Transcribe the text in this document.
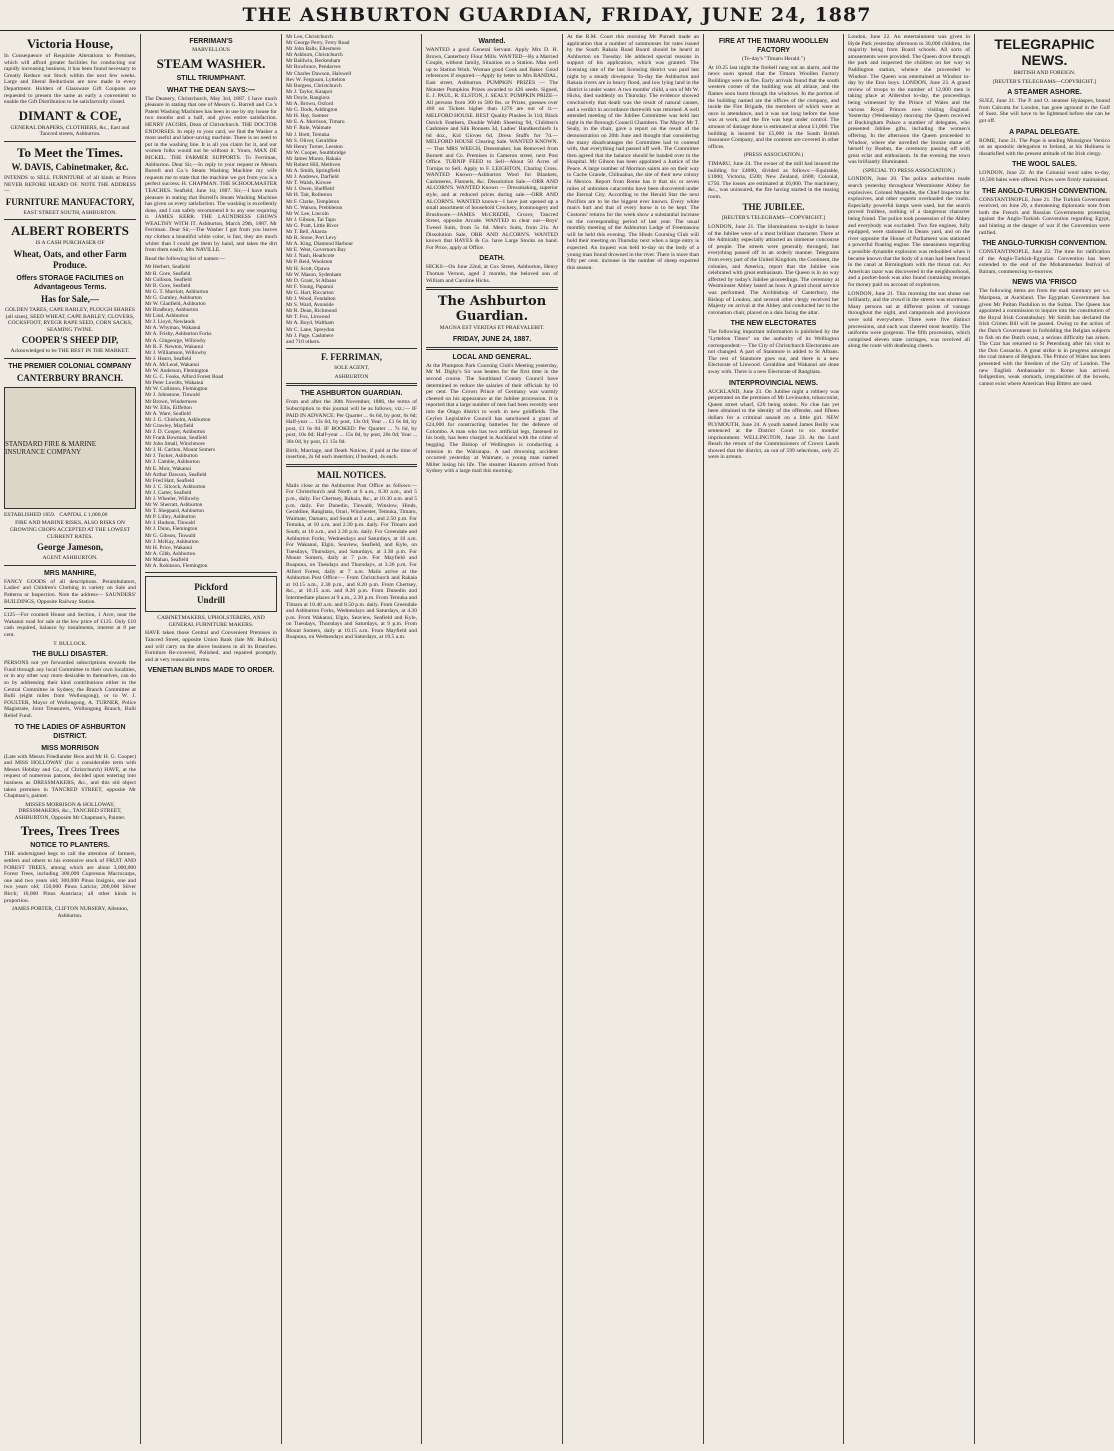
THE ASHBURTON GUARDIAN, FRIDAY, JUNE 24, 1887
Victoria House,

In Consequence of Requisite Alterations to Premises, which will afford greater facilities for conducting our rapidly increasing business, it has been found necessary to Greatly Reduce our Stock within the next few weeks. Large and liberal Reductions are now made in every Department. Holders of Glassware Gift Coupons are requested to present the same as early a convenient to enable the Gift Distribution to be satisfactorily closed.

DIMANT & COE,

GENERAL DRAPERS, CLOTHIERS, &c., East and Tancred streets, Ashburton.

To Meet the Times.
W. DAVIS, Cabinetmaker, &c.

INTENDS to SELL FURNITURE of all kinds at Prices NEVER BEFORE HEARD OF. NOTE THE ADDRESS —

FURNITURE MANUFACTORY,

EAST STREET SOUTH, ASHBURTON.

ALBERT ROBERTS

IS A CASH PURCHASER OF

Wheat, Oats, and other Farm Produce.
Offers STORAGE FACILITIES on Advantageous Terms.
Has for Sale,—

GOLDEN TARES, CAPE BARLEY, PLOUGH SHARES (all sizes), SEED WHEAT, CAPE BARLEY, CLOVERS, COCKSFOOT, RYEGR RAPE SEED, CORN SACKS, SEAMING TWINE.

COOPER'S SHEEP DIP,

Acknowledged to be THE BEST IN THE MARKET.

THE PREMIER COLONIAL COMPANY
CANTERBURY BRANCH.
STANDARD FIRE & MARINE INSURANCE COMPANY

ESTABLISHED 1859. CAPITAL £ 1,000,00

FIRE AND MARINE RISKS, ALSO RISKS ON GROWING CROPS ACCEPTED AT THE LOWEST CURRENT RATES.

George Jameson,

AGENT ASHBURTON.

MRS MANHIRE,

FANCY GOODS of all descriptions. Perambulators, Ladies' and Children's Clothing in variety on Sale and Patterns or Inspection. Note the address— SAUNDERS' BUILDINGS, Opposite Railway Station.

£125—For counted House and Section, 1 Acre, near the Wakanui road for sale at the low price of £125. Only £10 cash required, balance by instalments, interest at 8 per cent.

T. BULLOCK.

THE BULLI DISASTER.

PERSONS not yet forwarded subscriptions towards the Fund through any local Committee to their own localities, or in any other way more desirable to themselves, can do so by addressing their kind contributions either to the Central Committee in Sydney, the Branch Committee at Bulli (eight miles from Wollongong), or to W. J. FOULTER, Mayor of Wollongong, A. TURNER, Police Magistrate, Joint Treasurers, Wollongong Branch, Bulli Relief Fund.

TO THE LADIES OF ASHBURTON DISTRICT.
MISS MORRISON

(Late with Messrs Friedlander Bros and Mr H. G. Cooper) and MISS HOLLOWAY (for a considerable term with Messrs Hobday and Co., of Christchurch) HAVE, at the request of numerous patrons, decided upon entering into business as DRESSMAKERS, &c., and this old object taken premises in TANCRED STREET, opposite Mr Chapman's, painter.

MISSES MORRISON & HOLLOWAY, DRESSMAKERS, &c., TANCRED STREET, ASHBURTON, Opposite Mr Chapman's, Painter.

Trees, Trees Trees
NOTICE TO PLANTERS.

THE undersigned begs to call the attention of farmers, settlers and others to his extensive stock of FRUIT AND FOREST TREES, among which are about 3,000,000 Forest Trees, including 300,000 Cupressus Macrocarpa, one and two years old; 300,000 Pinus Insignis, one and two years old; 150,000 Pinus Laricio; 200,000 Silver Birch; 10,000 Pinus Austriaca; all other kinds in proportion.

JAMES PORTER, CLIFTON NURSERY, Allenton, Ashburton.

FERRIMAN'S

MARVELLOUS

STEAM WASHER.
STILL TRIUMPHANT.
WHAT THE DEAN SAYS:—

The Deanery, Christchurch, May 3rd, 1887. I have much pleasure in stating that one of Messrs G. Burrell and Co.'s Patent Washing Machines has been in use by my house for two months and a half, and gives entire satisfaction. HENRY JACOBS, Dean of Christchurch. THE DOCTOR ENDORSES. In reply to your card, we find the Washer a most useful and labor-saving machine. There is no need to put in the washing line. It is all you claim for it, and our women folks would not be without it. Yours, MAX DE BICKEL. THE FARMER SUPPORTS. To Ferriman, Ashburton. Dear Sir,—In reply to your request re Messrs Burrell and Co.'s Steam Washing Machine my wife requests me to state that the machine we got from you is a perfect success. H. CHAPMAN. THE SCHOOLMASTER TEACHES. Seafield, June 1st, 1887. Sir,—I have much pleasure in stating that Burrell's Steam Washing Machine has given us every satisfaction. The washing is excellently done, and I can safely recommend it to any one requiring it. JAMES KERR. THE LAUNDRESS GROWS WEALTHY WITH IT. Ashburton, March 29th, 1887. Mr Ferriman. Dear Sir,—The Washer I got from you leaves my clothes a beautiful white color, is fast, they are much whiter than I could get them by hand, and takes the dirt from them easily. Mrs NAVILLE.

Read the following list of names:—

Mr Herbert, Seafield
Mr B. Gore, Seafield
Mr Collison, Seafield
Mr R. Gore, Seafield
Mr G. T. Marriott, Ashburton
Mr G. Gumley, Ashburton
Mr W. Glanfield, Ashburton
Mr Bradbury, Ashburton
Mr Lind, Ashburton
Mr J. Lloyd, Newlands
Mr A. Whyman, Wakanui
Mr A. Frisby, Ashburton Forks
Mr A. Gingeorge, Willowby
Mr B. F. Newton, Wakanui
Mr J. Williamson, Willowby
Mr J. Hearn, Seafield
Mr A. McLeod, Wakanui
Mr W. Anderson, Flemington
Mr G. C. Fooks, Alford Forest Road
Mr Peter Lowilts, Wakanui
Mr W. Colliston, Flemington
Mr J. Johnstone, Tinwald
Mr Brown, Windermere
Mr W. Ellis, Eiffelton
Mr A. Ware, Seafield
Mr J. G. Chisholm, Ashburton
Mr Crawley, Mayfield
Mr J. D. Cooper, Ashburton
Mr Frank Bowman, Seafield
Mr John Small, Winchmore
Mr J. H. Carlton, Mount Somers
Mr J. Tucker, Ashburton
Mr J. Cambie, Ashburton
Mr E. Moir, Wakanui
Mr Arthur Dawson, Seafield
Mr Fred Hart, Seafield
Mr J. C. Silcock, Ashburton
Mr J. Carter, Seafield
Mr J. Wheeler, Willowby
Mr W. Sherratt, Ashburton
Mr T. Sheppard, Ashburton
Mr P. Lilley, Ashburton
Mr J. Hudson, Tinwald
Mr J. Dunn, Flemington
Mr G. Gibson, Tinwald
Mr J. McKay, Ashburton
Mr H. Price, Wakanui
Mr A. Gibb, Ashburton
Mr Mahan, Seafield
Mr A. Robinson, Flemington
Pickford
Undrill

CABINETMAKERS, UPHOLSTERERS, AND GENERAL FURNITURE MAKERS.

HAVE taken those Central and Convenient Premises in Tancred Street, opposite Union Bank (late Mr. Bullock) and will carry on the above business in all its Branches. Furniture Re-covered, Polished, and repaired promptly, and at very reasonable terms.

VENETIAN BLINDS MADE TO ORDER.
Mr Leo, Christchurch
Mr George Perry, Ferry Road
Mr John Balls, Ellesmere
Mr Ashburn, Christchurch
Mr Baldwin, Beckenham
Mr Rowbrace, Pendarves
Mr Charles Dawson, Halswell
Rev W. Ferguson, Lyttelton
Mr Burgess, Christchurch
Mr J. Taylor, Kaiapoi
Mr Doyle, Rangiora
Mr A. Brown, Oxford
Mr G. Dods, Addington
Mr H. Hay, Sumner
Mr E. A. Morrison, Timaru
Mr F. Rule, Waimate
Mr J. Brett, Temuka
Mr S. Oliver, Geraldine
Mr Henry Turner, Leeston
Mr W. Cooper, Southbridge
Mr James Munro, Rakaia
Mr Robert Hill, Methven
Mr A. Smith, Springfield
Mr J. Andrews, Darfield
Mr T. Walsh, Kirwee
Mr J. Owen, Sheffield
Mr H. Tait, Rolleston
Mr F. Clarke, Templeton
Mr C. Watson, Prebbleton
Mr W. Lee, Lincoln
Mr J. Gibson, Tai Tapu
Mr G. Pratt, Little River
Mr T. Bell, Akaroa
Mr R. Stone, Port Levy
Mr A. King, Diamond Harbour
Mr E. West, Governors Bay
Mr J. Nash, Heathcote
Mr P. Reid, Woolston
Mr H. Scott, Opawa
Mr W. Mason, Sydenham
Mr D. Grant, St Albans
Mr F. Young, Papanui
Mr G. Hart, Riccarton
Mr J. Wood, Fendalton
Mr S. Ward, Avonside
Mr R. Dean, Richmond
Mr T. Fox, Linwood
Mr A. Boyd, Waltham
Mr C. Lane, Spreydon
Mr J. Page, Cashmere

and 710 others.

F. FERRIMAN,

SOLE AGENT,

ASHBURTON

THE ASHBURTON GUARDIAN.

From and after the 30th November, 1886, the terms of Subscription to this journal will be as follows, viz.:— IF PAID IN ADVANCE: Per Quarter ... 6s 6d, by post, 6s 6d; Half-year ... 13s 0d, by post, 13s 0d; Year ... £1 6s 0d, by post, £1 6s 0d. IF BOOKED: Per Quarter ... 7s 6d, by post, 10s 0d; Half-year ... 15s 0d, by post, 20s 0d; Year ... 30s 0d, by post, £1 15s 0d.

Birth, Marriage, and Death Notices, if paid at the time of insertion, 2s 6d each insertion; if booked, 4s each.

MAIL NOTICES.

Mails close at the Ashburton Post Office as follows:— For Christchurch and North at 6 a.m., 8.30 a.m., and 5 p.m., daily. For Chertsey, Rakaia, &c., at 10.30 a.m. and 5 p.m. daily. For Dunedin, Tinwald, Winslow, Hinds, Geraldine, Rangitata, Orari, Winchester, Temuka, Timaru, Waimate, Oamaru, and South at 3 a.m., and 2.50 p.m. For Temuka, at 10 a.m. and 2.30 p.m. daily. For Timaru and South, at 10 a.m., and 2.30 p.m. daily. For Greendale and Ashburton Forks, Wednesdays and Saturdays, at 10 a.m. For Wakanui, Elgin, Seaview, Seafield, and Kyle, on Tuesdays, Thursdays, and Saturdays, at 3.30 p.m. For Mount Somers, daily at 7 p.m. For Mayfield and Ruapuna, on Tuesdays and Thursdays, at 3.30 p.m. For Alford Forest, daily at 7 a.m. Mails arrive at the Ashburton Post Office:— From Christchurch and Rakaia at 10.15 a.m., 2.30 p.m., and 8.20 p.m. From Chertsey, &c., at 10.15 a.m. and 8.20 p.m. From Dunedin and Intermediate places at 9 a.m., 2.30 p.m. From Temuka and Timaru at 10.40 a.m. and 8.50 p.m. daily. From Greendale and Ashburton Forks, Wednesdays and Saturdays, at 4.30 p.m. From Wakanui, Elgin, Seaview, Seafield and Kyle, on Tuesdays, Thursdays and Saturdays, at 9 p.m. From Mount Somers, daily at 10.15 a.m. From Mayfield and Ruapuna, on Wednesdays and Saturdays, at 10.5 a.m.

Wanted.

WANTED a good General Servant. Apply Mrs D. H. Brown, Canterbury Flour Mills. WANTED—By a Married Couple, without family, Situation on a Station. Man well up to Station Work. Woman good Cook and Baker. Good references if required.—Apply by letter to Mrs BANDAL, East street, Ashburton. PUMPKIN PRIZES — The Monster Pumpkins Prizes awarded to 426 seeds. Signed, E. J. PAUL, R. ELSTON, J. SEALY. PUMPKIN PRIZE—All persons from 300 to 580 lbs. or Prizes, guesses over 400 on Tickets higher than 1276 are out of it.—MELFORD HOUSE. BEST Quality Plushes 3s 11d, Black Ostrich Feathers, Double Width Sheeting 9d, Children's Cashmere and Silk Bonnets 3d, Ladies' Handkerchiefs 1s 6d doz., Kid Gloves 6d, Dress Stuffs for 7d.— MELFORD HOUSE Clearing Sale. WANTED KNOWN. — That MRS WEECH, Dressmaker, has Removed from Burnett and Co. Premises in Cameron street, next Post Office. TURNIP FEED to Sell—About 50 Acres of Turnips to Sell. Apply to F. LEIGHTON, Charing Cross. WANTED Known—Ashburton Wool for Blankets, Cashmeres, Flannels, &c. Dissolution Sale.—ORR AND ALCORN'S. WANTED Known — Dressmaking, superior style, and at reduced prices during sale.—ORR AND ALCORN'S. WANTED known—I have just opened up a small assortment of household Crockery, Ironmongery and Brushware.—JAMES McCREDIE, Grocer, Tancred Street, opposite Arcade. WANTED to clear out—Boys' Tweed Suits, from 5s 6d. Men's Suits, from 21s. At Dissolution Sale, ORR AND ALCORN'S. WANTED known that HAYES & Co. have Large Stocks on hand. For Price, apply at Office.

DEATH.

HICKS—On June 22nd, at Cox Street, Ashburton, Henry Thomas Vernon, aged 2 months, the beloved son of William and Caroline Hicks.

The Ashburton Guardian.

MAGNA EST VERITAS ET PRAEVALEBIT.

FRIDAY, JUNE 24, 1887.
LOCAL AND GENERAL.

At the Plumpton Park Coursing Club's Meeting yesterday, Mr M. Digby's Sir was beaten for the first time in the second course. The Southland County Council have determined to reduce the salaries of their officials by 10 per cent. The Crown Prince of Germany was warmly cheered on his appearance at the Jubilee procession. It is reported that a large number of men had been recently sent into the Otago district to work in new goldfields. The Ceylon Legislative Council has sanctioned a grant of £24,000 for constructing batteries for the defence of Colombo. A man who has two artificial legs, fastened to his body, has been charged in Auckland with the crime of begging. The Bishop of Wellington is conducting a mission in the Wairarapa. A sad drowning accident occurred yesterday at Waimate, a young man named Miller losing his life. The steamer Hauroto arrived from Sydney with a large mail this morning.

At the R.M. Court this morning Mr Purnell made an application that a number of summonses for rates issued by the South Rakaia Road Board should be heard at Ashburton on Tuesday. He adduced special reasons in support of his application, which was granted. The licensing rate of the last licensing district was paid last night by a steady downpour. To-day the Ashburton and Rakaia rivers are in heavy flood, and low lying land in the district is under water. A two months' child, a son of Mr W. Hicks, died suddenly on Thursday. The evidence showed conclusively that death was the result of natural causes, and a verdict in accordance therewith was returned. A well attended meeting of the Jubilee Committee was held last night in the Borough Council Chambers. The Mayor Mr T. Sealy, in the chair, gave a report on the result of the demonstration on 20th June and thought that considering the many disadvantages the Committee had to contend with, that everything had passed off well. The Committee then agreed that the balance should be handed over to the Hospital. Mr Gibson has been appointed a Justice of the Peace. A large number of Mormon saints are on their way to Cache Grande, Chihuahua, the site of their new colony in Mexico. Report from Rome has it that six or seven miles of unbroken catacombs have been discovered under the Eternal City. According to the Herald Star the next Pacifists are to be the biggest ever known. Every white man's hurt and that of every horse is to be kept. The Customs' returns for the week show a substantial increase on the corresponding period of last year. The usual monthly meeting of the Ashburton Lodge of Freemasons will be held this evening. The Hinds Coursing Club will hold their meeting on Thursday next when a large entry is expected. An inquest was held to-day on the body of a young man found drowned in the river. There is more than fifty per cent. increase in the number of sheep exported this season.

FIRE AT THE TIMARU WOOLLEN FACTORY

(To-day's "Timaru Herald.")

At 10.25 last night the firebell rang out an alarm, and the news soon spread that the Timaru Woollen Factory Buildings were on fire. Early arrivals found that the south western corner of the building was all ablaze, and the flames soon burst through the windows. In the portion of the building named are the offices of the company, and inside the Fire Brigade, the members of which were at once in attendance, and it was not long before the hose was at work, and the fire was kept under control. The amount of damage done is estimated at about £1,000. The building is insured for £5,000 in the South British Insurance Company, and the contents are covered in other offices.

(PRESS ASSOCIATION.)

TIMARU, June 24. The owner of the mill had insured the building for £4000, divided as follows:—Equitable, £1000; Victoria, £500; New Zealand, £600; Colonial, £750. The losses are estimated at £6,000. The machinery, &c., was uninsured, the fire having started in the teasing room.

THE JUBILEE.

[REUTER'S TELEGRAMS—COPYRIGHT.]

LONDON, June 21. The illuminations to-night in honor of the Jubilee were of a most brilliant character. There at the Admiralty especially attracted an immense concourse of people. The streets were generally thronged, but everything passed off in an orderly manner. Telegrams from every part of the United Kingdom, the Continent, the colonies, and America, report that the Jubilee was celebrated with great enthusiasm. The Queen is in no way affected by today's Jubilee proceedings. The ceremony at Westminster Abbey lasted an hour. A grand choral service was performed. The Archbishop of Canterbury, the Bishop of London, and several other clergy received her Majesty on arrival at the Abbey and conducted her to the coronation chair, placed on a dais facing the altar.

THE NEW ELECTORATES

The following important information is published by the "Lyttelton Times" on the authority of its Wellington correspondent:— The City of Christchurch Electorates are not changed. A part of Stanmore is added to St Albans. The rest of Stanmore goes out, and there is a new Electorate of Linwood. Geraldine and Wakanui are done away with. There is a new Electorate of Rangitata.

INTERPROVINCIAL NEWS.

AUCKLAND, June 23. On Jubilee night a robbery was perpetrated on the premises of Mr Levinsohn, tobacconist, Queen street wharf, £20 being stolen. No clue has yet been obtained to the identity of the offender, and fifteen dollars for a criminal assault on a little girl. NEW PLYMOUTH, June 24. A youth named James Reilly was sentenced at the District Court to six months' imprisonment. WELLINGTON, June 23. At the Lord Beach the return of the Commissioners of Crown Lands showed that the district, an out of 599 selections, only 25 were in arrears.

London, June 22. An entertainment was given in Hyde Park yesterday afternoon to 30,000 children, the majority being from Board schools. All sorts of amusements were provided. The Queen drove through the park and inspected the children on her way to Paddington station, whence she proceeded to Windsor. The Queen was entertained at Windsor to-day by the Eton boys. LONDON, June 23. A grand review of troops to the number of 12,000 men is taking place at Aldershot to-day, the proceedings being witnessed by the Prince of Wales and the various Royal Princes now visiting England. Yesterday (Wednesday) morning the Queen received at Buckingham Palace a number of delegates, who presented Jubilee gifts, including the women's offering. In the afternoon the Queen proceeded to Windsor, where she unveiled the bronze statue of herself by Boehm, the ceremony passing off with great eclat and enthusiasm. In the evening the town was brilliantly illuminated.

(SPECIAL TO PRESS ASSOCIATION.)

LONDON, June 20. The police authorities made search yesterday throughout Westminster Abbey for explosives. Colonel Majendie, the Chief Inspector for explosives, and other experts overhauled the vaults. Especially powerful lamps were used, but the search proved fruitless, nothing of a dangerous character being found. The police took possession of the Abbey and everybody was excluded. Two fire engines, fully equipped, were stationed in Deans yard, and on the river opposite the House of Parliament was stationed a powerful floating engine. The uneasiness regarding a possible dynamite explosion was redoubled when it became known that the body of a man had been found in the canal at Birmingham with the throat cut. An American razor was discovered in the neighbourhood, and a pocket-book was also found containing receipts for money paid on account of explosives.

LONDON, June 21. This morning the sun shone out brilliantly, and the crowd in the streets was enormous. Many persons sat at different points of vantage throughout the night, and campstools and provisions were sold everywhere. There were five distinct processions, and each was cheered most heartily. The uniforms were gorgeous. The fifth procession, which comprised eleven state carriages, was received all along the route with deafening cheers.

TELEGRAPHIC NEWS.

BRITISH AND FOREIGN.

[REUTER'S TELEGRAMS—COPYRIGHT.]

A STEAMER ASHORE.

SUEZ, June 21. The P. and O. steamer Hydaspes, bound from Calcutta for London, has gone aground in the Gulf of Suez. She will have to be lightened before she can be got off.

A PAPAL DELEGATE.

ROME, June 21. The Pope is sending Monsignor Versico on an apostolic delegation to Ireland, at his Holiness is dissatisfied with the present attitude of the Irish clergy.

THE WOOL SALES.

LONDON, June 22. At the Colonial wool sales to-day, 10,500 bales were offered. Prices were firmly maintained.

THE ANGLO-TURKISH CONVENTION.

CONSTANTINOPLE, June 21. The Turkish Government received, on June 20, a threatening diplomatic note from both the French and Russian Governments protesting against the Anglo-Turkish Convention regarding Egypt, and hinting at the danger of war if the Convention were ratified.

THE ANGLO-TURKISH CONVENTION.

CONSTANTINOPLE, June 22. The time for ratification of the Anglo-Turkish-Egyptian Convention has been extended to the end of the Mohammedan festival of Bairam, commencing to-morrow.

NEWS VIA 'FRISCO

The following items are from the mail summary per s.s. Mariposa, at Auckland. The Egyptian Government has given Mr Pultan Pashilion to the Sultan. The Queen has appointed a commission to inquire into the constitution of the Royal Irish Constabulary. Mr Smith has declared the Irish Crimes Bill will be passed. Owing to the action of the Dutch Government in forbidding the Belgian subjects to fish on the Dutch coast, a serious difficulty has arisen. The Czar has returned to St Petersburg after his visit to the Don Cossacks. A great strike is in progress amongst the coal miners of Belgium. The Prince of Wales has been presented with the freedom of the City of London. The new English Ambassador to Rome has arrived. Indigestion, weak stomach, irregularities of the bowels, cannot exist where American Hop Bitters are used.
